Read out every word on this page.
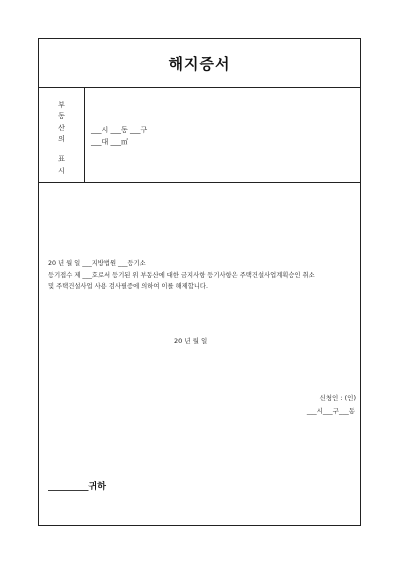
해지증서
부
동
산
의
표
시
___시 ___동 ___구
___대 ___㎡

20 년 월 일 ___지방법원 ___등기소
등기접수 제 ___호로서 등기된 위 부동산에 대한 금지사항 등기사항은 주택건설사업계획승인 취소
및 주택건설사업 사용 검사필증에 의하여 이를 해제합니다.

20 년 월 일
신청인 : (인)
___시___구___동
_________귀하
